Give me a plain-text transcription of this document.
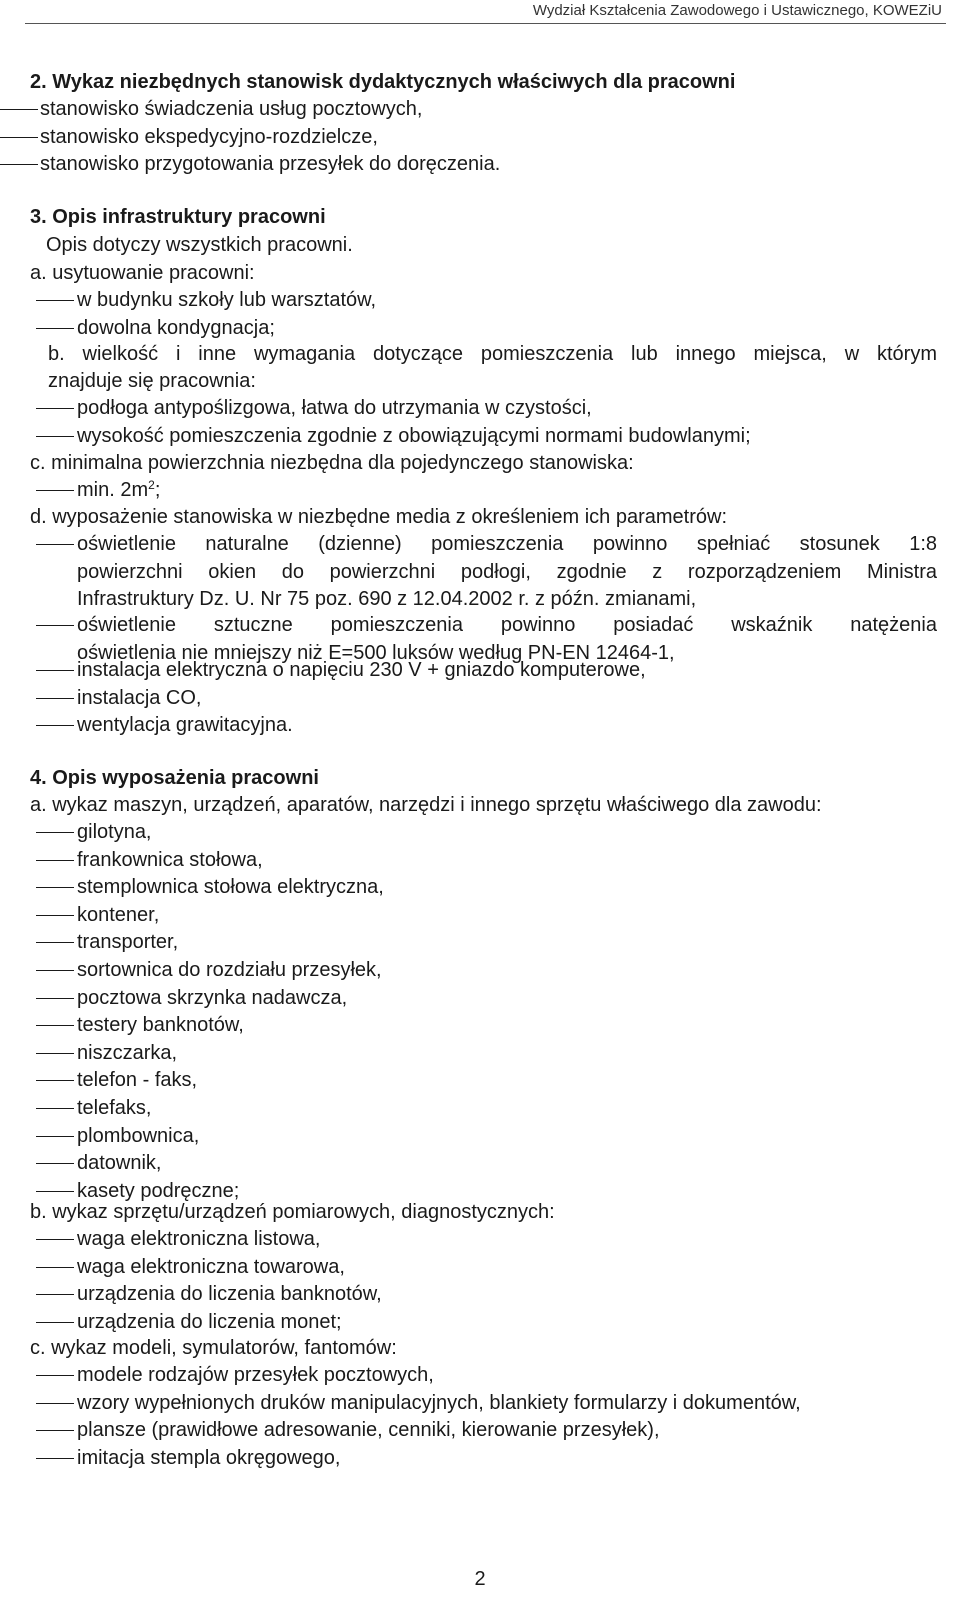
Wydział Kształcenia Zawodowego i Ustawicznego, KOWEZiU
2. Wykaz niezbędnych stanowisk dydaktycznych właściwych dla pracowni
stanowisko świadczenia usług pocztowych,
stanowisko ekspedycyjno-rozdzielcze,
stanowisko przygotowania przesyłek do doręczenia.
3. Opis infrastruktury pracowni
Opis dotyczy wszystkich pracowni.
a. usytuowanie pracowni:
w budynku szkoły lub warsztatów,
dowolna kondygnacja;
b. wielkość i inne wymagania dotyczące pomieszczenia lub innego miejsca, w którym
znajduje się pracownia:
podłoga antypoślizgowa, łatwa do utrzymania w czystości,
wysokość pomieszczenia zgodnie z obowiązującymi normami budowlanymi;
c. minimalna powierzchnia niezbędna dla pojedynczego stanowiska:
min. $2m^2$;
d. wyposażenie stanowiska w niezbędne media z określeniem ich parametrów:
oświetlenie naturalne (dzienne) pomieszczenia powinno spełniać stosunek 1:8
powierzchni okien do powierzchni podłogi, zgodnie z rozporządzeniem Ministra
Infrastruktury Dz. U. Nr 75 poz. 690 z 12.04.2002 r. z późn. zmianami,
oświetlenie sztuczne pomieszczenia powinno posiadać wskaźnik natężenia
oświetlenia nie mniejszy niż E=500 luksów według PN-EN 12464-1,
instalacja elektryczna o napięciu 230 V + gniazdo komputerowe,
instalacja CO,
wentylacja grawitacyjna.
4. Opis wyposażenia pracowni
a. wykaz maszyn, urządzeń, aparatów, narzędzi i innego sprzętu właściwego dla zawodu:
gilotyna,
frankownica stołowa,
stemplownica stołowa elektryczna,
kontener,
transporter,
sortownica do rozdziału przesyłek,
pocztowa skrzynka nadawcza,
testery banknotów,
niszczarka,
telefon - faks,
telefaks,
plombownica,
datownik,
kasety podręczne;
b. wykaz sprzętu/urządzeń pomiarowych, diagnostycznych:
waga elektroniczna listowa,
waga elektroniczna towarowa,
urządzenia do liczenia banknotów,
urządzenia do liczenia monet;
c. wykaz modeli, symulatorów, fantomów:
modele rodzajów przesyłek pocztowych,
wzory wypełnionych druków manipulacyjnych, blankiety formularzy i dokumentów,
plansze (prawidłowe adresowanie, cenniki, kierowanie przesyłek),
imitacja stempla okręgowego,
2
